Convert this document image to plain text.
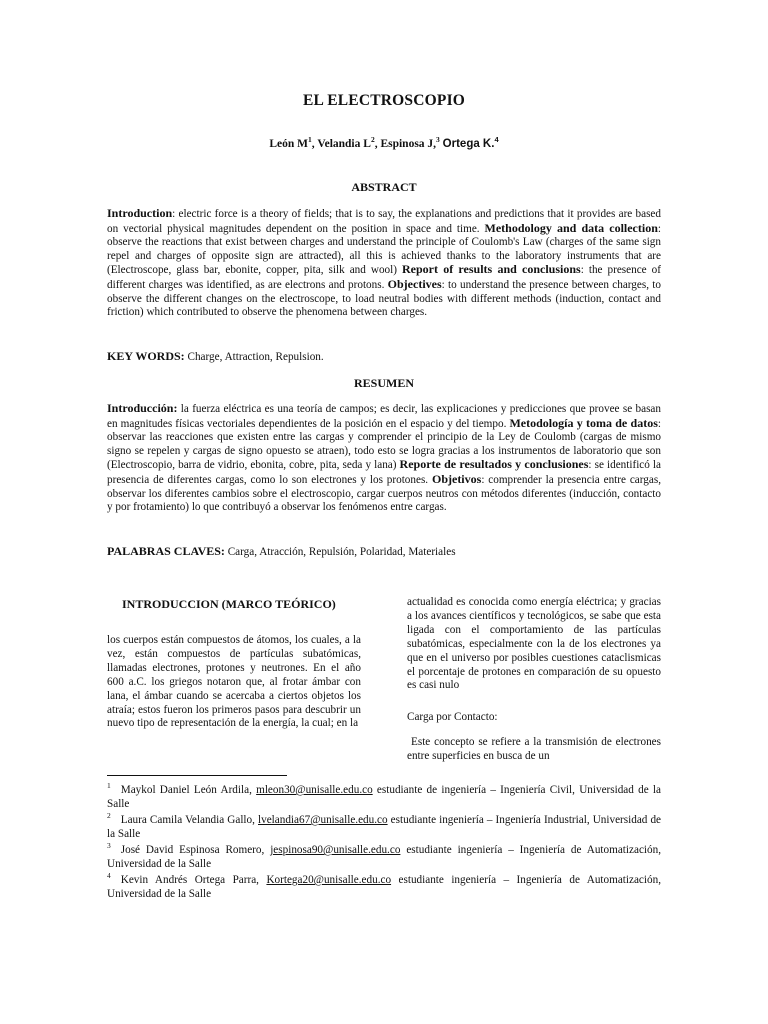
EL ELECTROSCOPIO
León $M^1$, Velandia $L^2$, Espinosa J,$^3$ Ortega K.$^4$
ABSTRACT
Introduction: electric force is a theory of fields; that is to say, the explanations and predictions that it provides are based on vectorial physical magnitudes dependent on the position in space and time. Methodology and data collection: observe the reactions that exist between charges and understand the principle of Coulomb's Law (charges of the same sign repel and charges of opposite sign are attracted), all this is achieved thanks to the laboratory instruments that are (Electroscope, glass bar, ebonite, copper, pita, silk and wool) Report of results and conclusions: the presence of different charges was identified, as are electrons and protons. Objectives: to understand the presence between charges, to observe the different changes on the electroscope, to load neutral bodies with different methods (induction, contact and friction) which contributed to observe the phenomena between charges.
KEY WORDS: Charge, Attraction, Repulsion.
RESUMEN
Introducción: la fuerza eléctrica es una teoría de campos; es decir, las explicaciones y predicciones que provee se basan en magnitudes físicas vectoriales dependientes de la posición en el espacio y del tiempo. Metodología y toma de datos: observar las reacciones que existen entre las cargas y comprender el principio de la Ley de Coulomb (cargas de mismo signo se repelen y cargas de signo opuesto se atraen), todo esto se logra gracias a los instrumentos de laboratorio que son (Electroscopio, barra de vidrio, ebonita, cobre, pita, seda y lana) Reporte de resultados y conclusiones: se identificó la presencia de diferentes cargas, como lo son electrones y los protones. Objetivos: comprender la presencia entre cargas, observar los diferentes cambios sobre el electroscopio, cargar cuerpos neutros con métodos diferentes (inducción, contacto y por frotamiento) lo que contribuyó a observar los fenómenos entre cargas.
PALABRAS CLAVES: Carga, Atracción, Repulsión, Polaridad, Materiales
INTRODUCCION (MARCO TEÓRICO)
los cuerpos están compuestos de átomos, los cuales, a la vez, están compuestos de partículas subatómicas, llamadas electrones, protones y neutrones. En el año 600 a.C. los griegos notaron que, al frotar ámbar con lana, el ámbar cuando se acercaba a ciertos objetos los atraía; estos fueron los primeros pasos para descubrir un nuevo tipo de representación de la energía, la cual; en la
actualidad es conocida como energía eléctrica; y gracias a los avances científicos y tecnológicos, se sabe que esta ligada con el comportamiento de las partículas subatómicas, especialmente con la de los electrones ya que en el universo por posibles cuestiones cataclismicas el porcentaje de protones en comparación de su opuesto es casi nulo
Carga por Contacto:
Este concepto se refiere a la transmisión de electrones entre superficies en busca de un
$^1$ Maykol Daniel León Ardila, mleon30@unisalle.edu.co estudiante de ingeniería – Ingeniería Civil, Universidad de la Salle
$^2$ Laura Camila Velandia Gallo, lvelandia67@unisalle.edu.co estudiante ingeniería – Ingeniería Industrial, Universidad de la Salle
$^3$ José David Espinosa Romero, jespinosa90@unisalle.edu.co estudiante ingeniería – Ingeniería de Automatización, Universidad de la Salle
$^4$ Kevin Andrés Ortega Parra, Kortega20@unisalle.edu.co estudiante ingeniería – Ingeniería de Automatización, Universidad de la Salle
